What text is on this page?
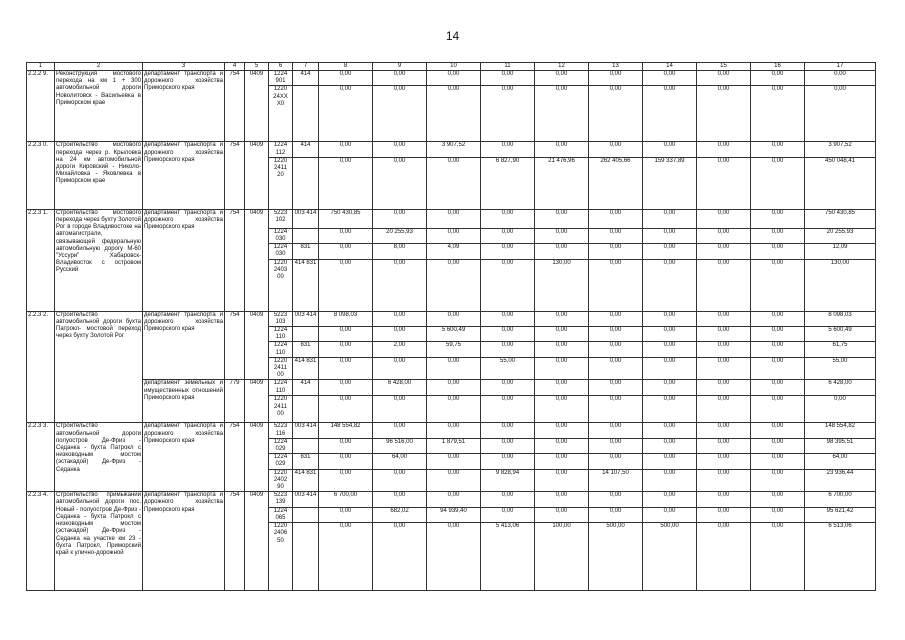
14
1	2	3	4	5	6	7	8	9	10	11	12	13	14	15	16	17
2.2.2 9.	Реконструкция мостового перехода на км 1 + 300 автомобильной дороги Новолитовск - Васильевка в Приморском крае	департамент транспорта и дорожного хозяйства Приморского края	754	0409	1224 901	414	0,00	0,00	0,00	0,00	0,00	0,00	0,00	0,00	0,00	0,00
					1220 24ХХ Х0		0,00	0,00	0,00	0,00	0,00	0,00	0,00	0,00	0,00	0,00
2.2.3 0.	Строительство мостового перехода через р. Крыловка на 24 км автомобильной дороги Кировский - Николо-Михайловка - Яковлевка в Приморском крае	департамент транспорта и дорожного хозяйства Приморского края	754	0409	1224 112	414	0,00	0,00	3 907,52	0,00	0,00	0,00	0,00	0,00	0,00	3 907,52
					1220 2411 20		0,00	0,00	0,00	6 827,90	21 476,96	262 405,66	159 337,89	0,00	0,00	450 048,41
2.2.3 1.	Строительство мостового перехода через бухту Золотой Рог в городе Владивостоке на автомагистрали, связывающей федеральную автомобильную дорогу М-60 "Уссури" Хабаровск-Владивосток с островом Русский	департамент транспорта и дорожного хозяйства Приморского края	754	0409	5223 102	003 414	750 430,85	0,00	0,00	0,00	0,00	0,00	0,00	0,00	0,00	750 430,85
					1224 030		0,00	20 255,93	0,00	0,00	0,00	0,00	0,00	0,00	0,00	20 255,93
					1224 030	831	0,00	8,00	4,09	0,00	0,00	0,00	0,00	0,00	0,00	12,09
					1220 2403 00	414 831	0,00	0,00	0,00	0,00	130,00	0,00	0,00	0,00	0,00	130,00
2.2.3 2.	Строительство автомобильной дороги бухта Патрокл- мостовой переход через бухту Золотой Рог	департамент транспорта и дорожного хозяйства Приморского края	754	0409	5223 103	003 414	8 098,03	0,00	0,00	0,00	0,00	0,00	0,00	0,00	0,00	8 098,03
					1224 110		0,00	0,00	5 600,49	0,00	0,00	0,00	0,00	0,00	0,00	5 600,49
					1224 110	831	0,00	2,00	59,75	0,00	0,00	0,00	0,00	0,00	0,00	61,75
					1220 2411 00	414 831	0,00	0,00	0,00	55,00	0,00	0,00	0,00	0,00	0,00	55,00
		департамент земельных и имущественных отношений Приморского края	779	0409	1224 110	414	0,00	6 428,00	0,00	0,00	0,00	0,00	0,00	0,00	0,00	6 428,00
					1220 2411 00		0,00	0,00	0,00	0,00	0,00	0,00	0,00	0,00	0,00	0,00
2.2.3 3.	Строительство автомобильной дороги полуостров Де-Фриз - Седанка - бухта Патрокл с низководным мостом (эстакадой) Де-Фриз - Седанка	департамент транспорта и дорожного хозяйства Приморского края	754	0409	5223 116	003 414	148 554,82	0,00	0,00	0,00	0,00	0,00	0,00	0,00	0,00	148 554,82
					1224 029		0,00	96 516,00	1 879,51	0,00	0,00	0,00	0,00	0,00	0,00	98 395,51
					1224 029	831	0,00	64,00	0,00	0,00	0,00	0,00	0,00	0,00	0,00	64,00
					1220 2402 90	414 831	0,00	0,00	0,00	9 828,94	0,00	14 107,50	0,00	0,00	0,00	23 936,44
2.2.3 4.	Строительство примыканий автомобильной дороги пос. Новый - полуостров Де-Фриз - Седанка - бухта Патрокл с низководным мостом (эстакадой) Де-Фриз - Седанка на участке км 23 - бухта Патрокл, Приморский край к улично-дорожной	департамент транспорта и дорожного хозяйства Приморского края	754	0409	5223 139	003 414	6 700,00	0,00	0,00	0,00	0,00	0,00	0,00	0,00	0,00	6 700,00
					1224 065		0,00	682,02	94 939,40	0,00	0,00	0,00	0,00	0,00	0,00	95 621,42
					1220 2406 50		0,00	0,00	0,00	5 413,06	100,00	500,00	500,00	0,00	0,00	6 513,06
